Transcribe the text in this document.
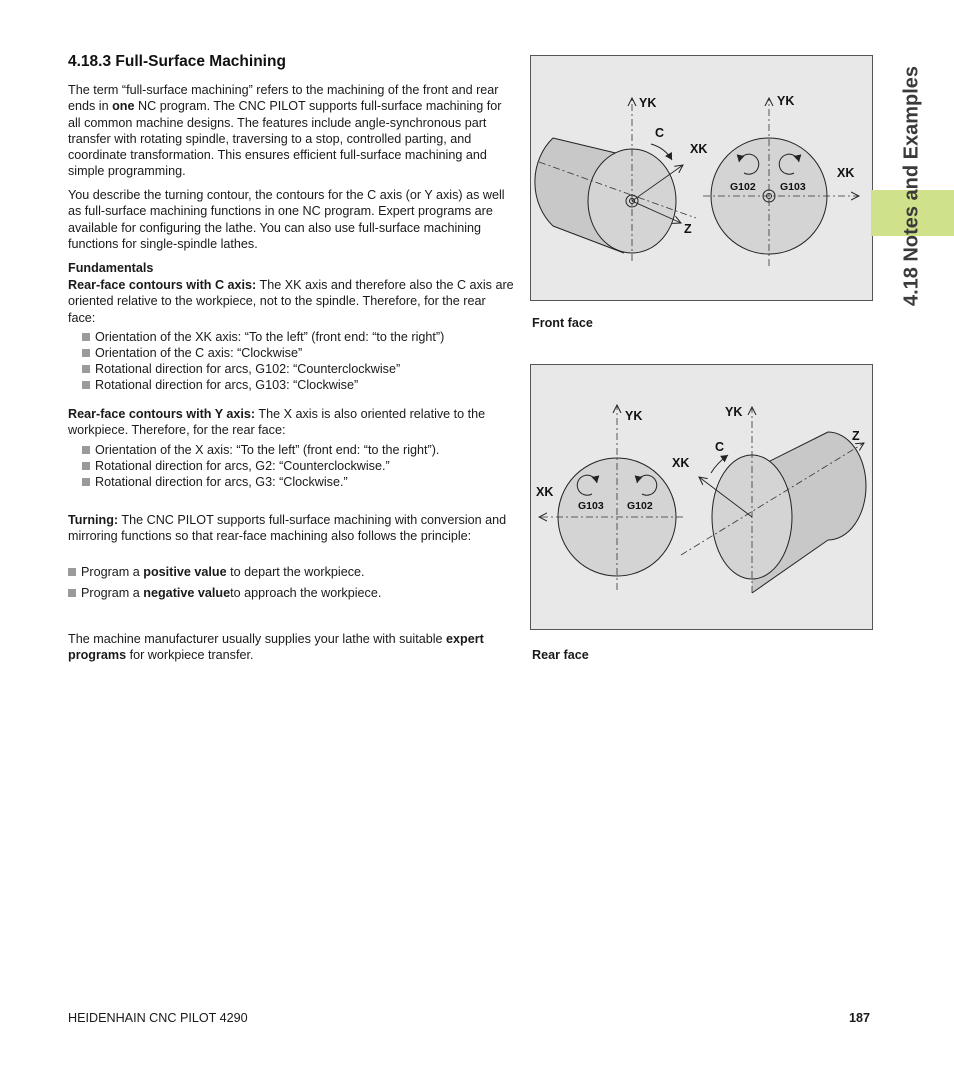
4.18.3 Full-Surface Machining

The term “full-surface machining” refers to the machining of the front and rear ends in one NC program. The CNC PILOT supports full-surface machining for all common machine designs. The features include angle-synchronous part transfer with rotating spindle, traversing to a stop, controlled parting, and coordinate transformation. This ensures efficient full-surface machining and simple programming.

You describe the turning contour, the contours for the C axis (or Y axis) as well as full-surface machining functions in one NC program. Expert programs are available for configuring the lathe. You can also use full-surface machining functions for single-spindle lathes.

Fundamentals

Rear-face contours with C axis: The XK axis and therefore also the C axis are oriented relative to the workpiece, not to the spindle. Therefore, for the rear face:

Orientation of the XK axis: “To the left” (front end: “to the right”)
Orientation of the C axis: “Clockwise”
Rotational direction for arcs, G102: “Counterclockwise”
Rotational direction for arcs, G103: “Clockwise”

Rear-face contours with Y axis: The X axis is also oriented relative to the workpiece. Therefore, for the rear face:

Orientation of the X axis: “To the left” (front end: “to the right”).
Rotational direction for arcs, G2: “Counterclockwise.”
Rotational direction for arcs, G3: “Clockwise.”

Turning: The CNC PILOT supports full-surface machining with conversion and mirroring functions so that rear-face machining also follows the principle:

Program a positive value to depart the workpiece.
Program a negative valueto approach the workpiece.

The machine manufacturer usually supplies your lathe with suitable expert programs for workpiece transfer.

YK	YK
C
XK
XK
Z
G102 G103
Front face
YK	YK
C
XK
XK
Z
G103 G102
Rear face
4.18 Notes and Examples
HEIDENHAIN CNC PILOT 4290	187
